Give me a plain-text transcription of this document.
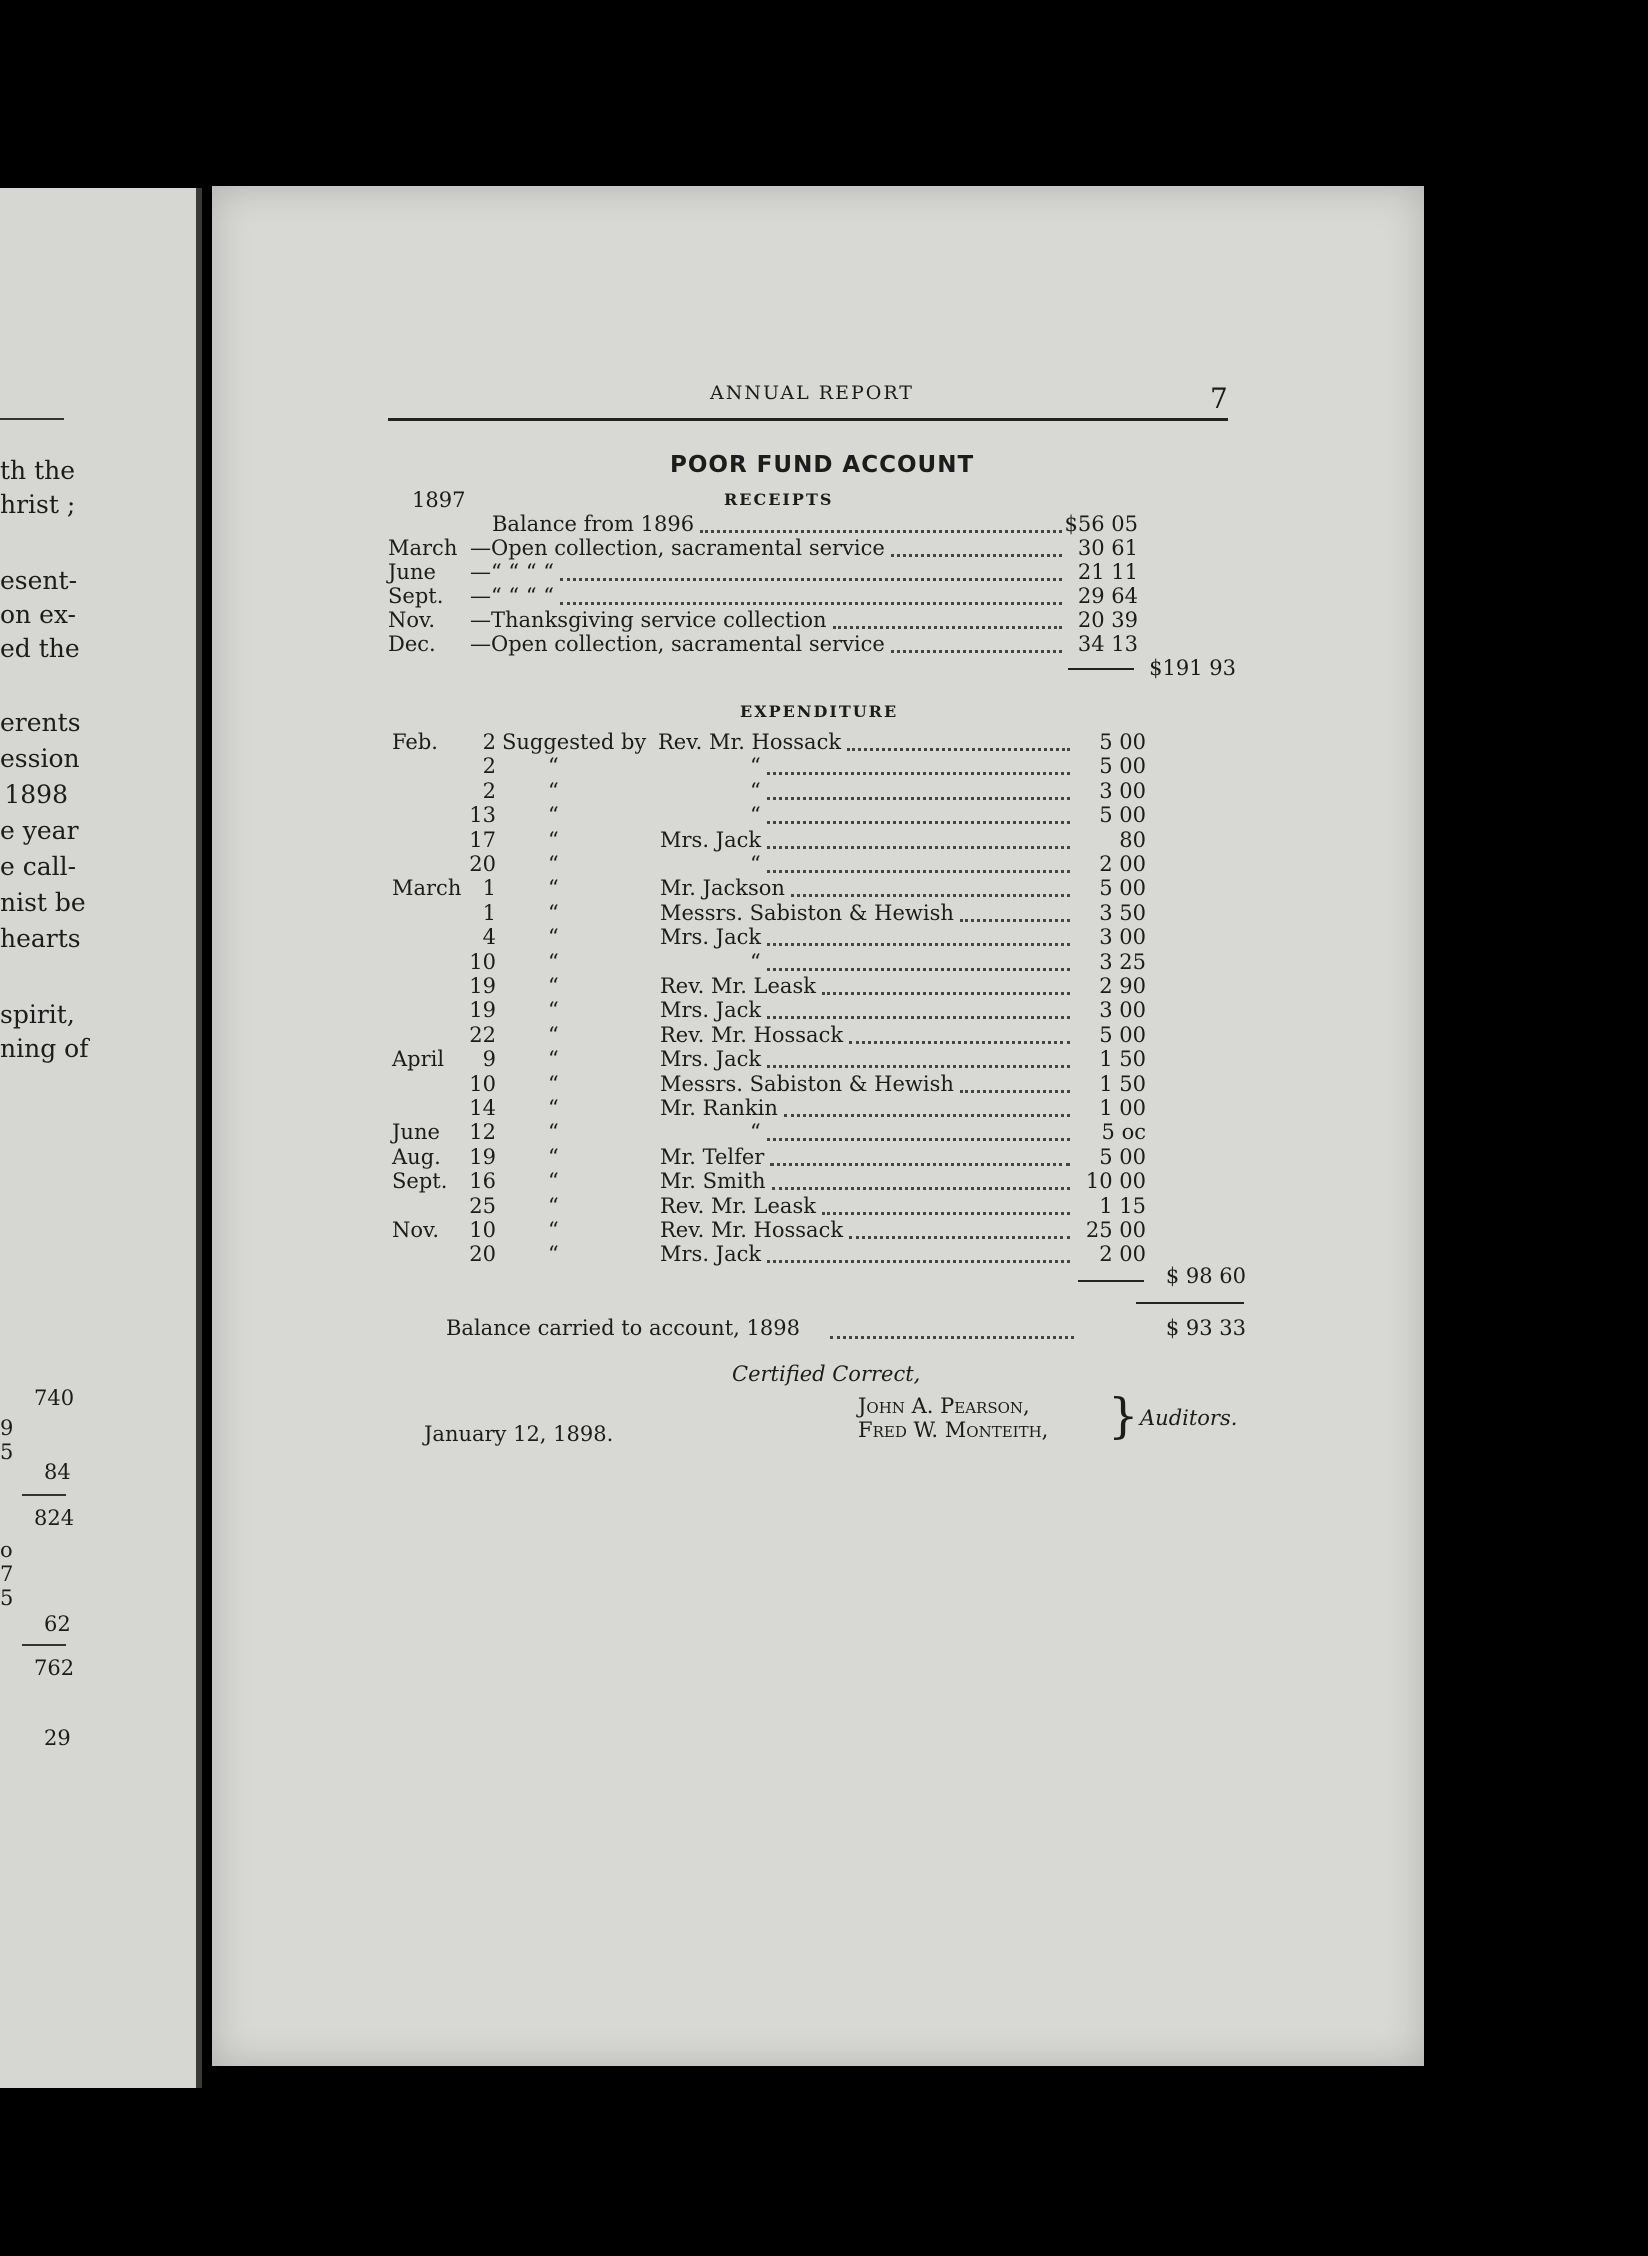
th the
hrist ;
esent-
on ex-
ed the
erents
ession
1898
e year
e call-
nist be
hearts
spirit,
ning of
740
9
5
84
824
o
7
5
62
762
29
ANNUAL REPORT	7
POOR FUND ACCOUNT
1897	RECEIPTS
Balance from 1896	$56 05
March —Open collection, sacramental service	30 61
June —“ “ “ “	21 11
Sept. —“ “ “ “	29 64
Nov. —Thanksgiving service collection	20 39
Dec. —Open collection, sacramental service	34 13
$191 93
EXPENDITURE
Feb.	2 Suggested by Rev. Mr. Hossack	5 00
2 “	“	5 00
2 “	“	3 00
13 “	“	5 00
17 “	Mrs. Jack	80
20 “	“	2 00
March	1 “	Mr. Jackson	5 00
1 “	Messrs. Sabiston & Hewish	3 50
4 “	Mrs. Jack	3 00
10 “	“	3 25
19 “	Rev. Mr. Leask	2 90
19 “	Mrs. Jack	3 00
22 “	Rev. Mr. Hossack	5 00
April	9 “	Mrs. Jack	1 50
10 “	Messrs. Sabiston & Hewish	1 50
14 “	Mr. Rankin	1 00
June	12 “	“	5 oc
Aug.	19 “	Mr. Telfer	5 00
Sept.	16 “	Mr. Smith	10 00
25 “	Rev. Mr. Leask	1 15
Nov.	10 “	Rev. Mr. Hossack	25 00
20 “	Mrs. Jack	2 00
$ 98 60
Balance carried to account, 1898	$ 93 33
Certified Correct,
John A. Pearson,
Fred W. Monteith, } Auditors.
January 12, 1898.
